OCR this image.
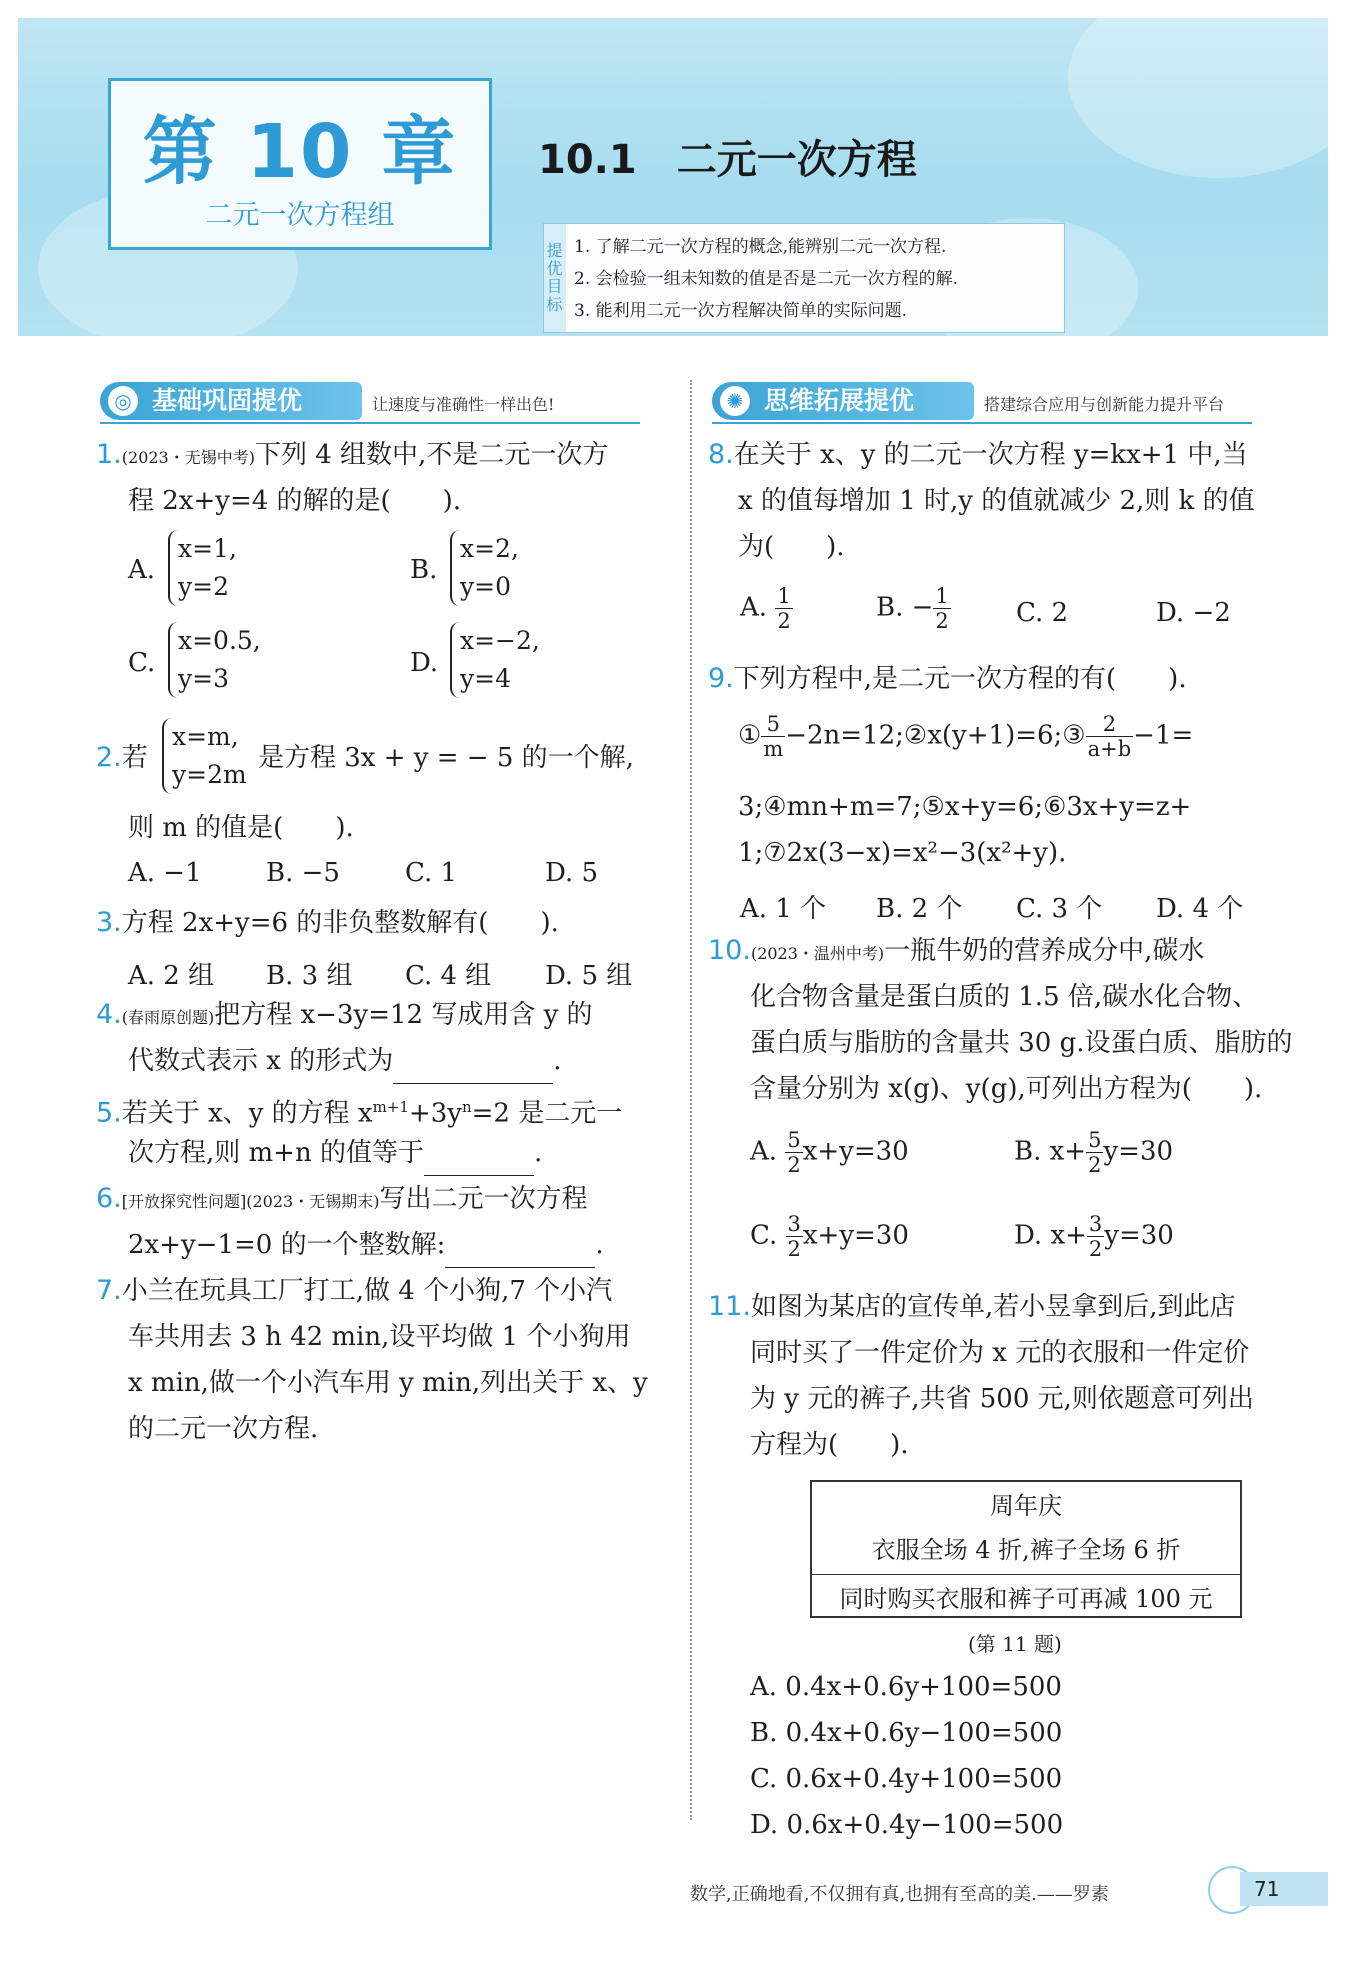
第 10 章
二元一次方程组
10.1　二元一次方程
提优目标 1. 了解二元一次方程的概念,能辨别二元一次方程.
2. 会检验一组未知数的值是否是二元一次方程的解.
3. 能利用二元一次方程解决简单的实际问题.
◎ 基础巩固提优	让速度与准确性一样出色!	✺ 思维拓展提优	搭建综合应用与创新能力提升平台
1.(2023・无锡中考)下列 4 组数中,不是二元一次方
程 2x+y=4 的解的是(　　).
A.
x=1,
y=2
B.
x=2,
y=0
C.
x=0.5,
y=3
D.
x=−2,
y=4
2.若
x=m,
y=2m
是方程 3x + y = − 5 的一个解,
则 m 的值是(　　).
A. −1 B. −5	C. 1	D. 5
3.方程 2x+y=6 的非负整数解有(　　).
A. 2 组 B. 3 组 C. 4 组 D. 5 组
4.(春雨原创题)把方程 x−3y=12 写成用含 y 的
代数式表示 x 的形式为	.
5.若关于 x、y 的方程 $x^{m+1}+3y^n=2$ 是二元一
次方程,则 m+n 的值等于	.
6.[开放探究性问题](2023・无锡期末)写出二元一次方程
2x+y−1=0 的一个整数解:	.
7.小兰在玩具工厂打工,做 4 个小狗,7 个小汽
车共用去 3 h 42 min,设平均做 1 个小狗用
x min,做一个小汽车用 y min,列出关于 x、y
的二元一次方程.
8.在关于 x、y 的二元一次方程 y=kx+1 中,当
x 的值每增加 1 时,y 的值就减少 2,则 k 的值
为(　　).
A. $\frac{1}{2}$	B. − $\frac{1}{2}$	C. 2	D. −2
9.下列方程中,是二元一次方程的有(　　).
① $\frac{5}{m}$ −2n=12;②x(y+1)=6;③ $\frac{2}{a+b} -1=$
3;④mn+m=7;⑤x+y=6;⑥3x+y=z+
1;⑦2x(3−x)=x²−3(x²+y).
A. 1 个 B. 2 个 C. 3 个 D. 4 个
10.(2023・温州中考)一瓶牛奶的营养成分中,碳水
化合物含量是蛋白质的 1.5 倍,碳水化合物、
蛋白质与脂肪的含量共 30 g.设蛋白质、脂肪的
含量分别为 x(g)、y(g),可列出方程为(　　).
A. $\frac{5}{2} x+y=30$	B. $x+ \frac{5}{2} y=30$
C. $\frac{3}{2} x+y=30$	D. $x+ \frac{3}{2} y=30$
11.如图为某店的宣传单,若小昱拿到后,到此店
同时买了一件定价为 x 元的衣服和一件定价
为 y 元的裤子,共省 500 元,则依题意可列出
方程为(　　).
周年庆
衣服全场 4 折,裤子全场 6 折
同时购买衣服和裤子可再减 100 元
(第 11 题)
A. 0.4x+0.6y+100=500
B. 0.4x+0.6y−100=500
C. 0.6x+0.4y+100=500
D. 0.6x+0.4y−100=500
数学,正确地看,不仅拥有真,也拥有至高的美.——罗素	71
